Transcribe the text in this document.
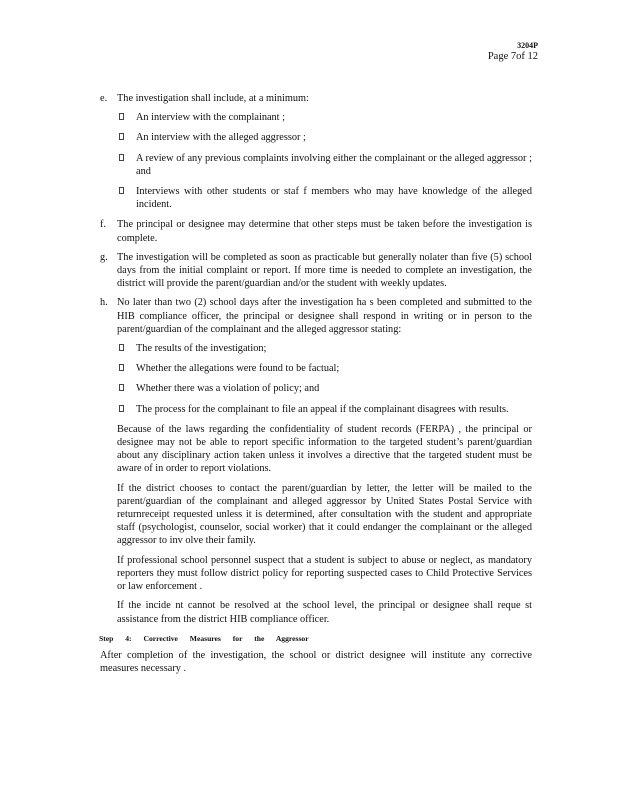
3204P
Page 7of 12
e. The investigation shall include, at a minimum:
An interview with the complainant ;
An interview with the alleged aggressor ;
A review of any previous complaints involving either the complainant or the alleged aggressor ; and
Interviews with other students or staf f members who may have knowledge of the alleged incident.
f. The principal or designee may determine that other steps must be taken before the investigation is complete.
g. The investigation will be completed as soon as practicable but generally nolater than five (5) school days from the initial complaint or report. If more time is needed to complete an investigation, the district will provide the parent/guardian and/or the student with weekly updates.
h. No later than two (2) school days after the investigation ha s been completed and submitted to the HIB compliance officer, the principal or designee shall respond in writing or in person to the parent/guardian of the complainant and the alleged aggressor stating:
The results of the investigation;
Whether the allegations were found to be factual;
Whether there was a violation of policy; and
The process for the complainant to file an appeal if the complainant disagrees with results.
Because of the laws regarding the confidentiality of student records (FERPA) , the principal or designee may not be able to report specific information to the targeted student’s parent/guardian about any disciplinary action taken unless it involves a directive that the targeted student must be aware of in order to report violations.
If the district chooses to contact the parent/guardian by letter, the letter will be mailed to the parent/guardian of the complainant and alleged aggressor by United States Postal Service with returnreceipt requested unless it is determined, after consultation with the student and appropriate staff (psychologist, counselor, social worker) that it could endanger the complainant or the alleged aggressor to inv olve their family.
If professional school personnel suspect that a student is subject to abuse or neglect, as mandatory reporters they must follow district policy for reporting suspected cases to Child Protective Services or law enforcement .
If the incide nt cannot be resolved at the school level, the principal or designee shall reque st assistance from the district HIB compliance officer.
Step 4: Corrective Measures for the Aggressor
After completion of the investigation, the school or district designee will institute any corrective measures necessary .
